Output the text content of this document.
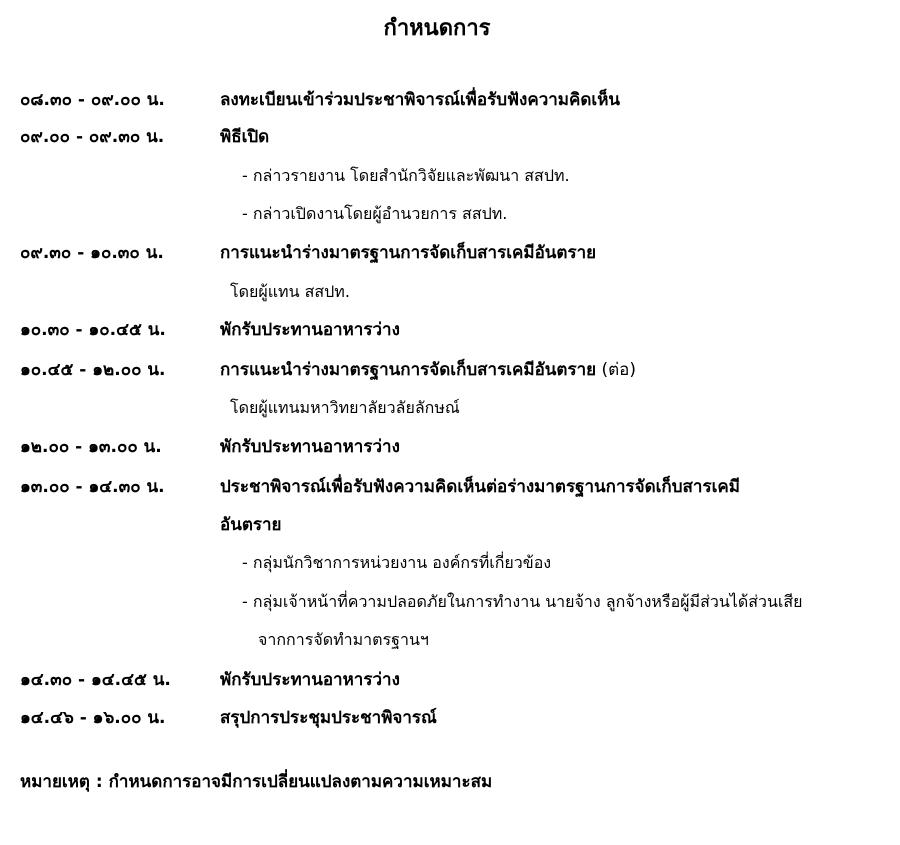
กำหนดการ
๐๘.๓๐ - ๐๙.๐๐ น.	ลงทะเบียนเข้าร่วมประชาพิจารณ์เพื่อรับฟังความคิดเห็น
๐๙.๐๐ - ๐๙.๓๐ น.	พิธีเปิด
- กล่าวรายงาน โดยสำนักวิจัยและพัฒนา สสปท.
- กล่าวเปิดงานโดยผู้อำนวยการ สสปท.
๐๙.๓๐ - ๑๐.๓๐ น.	การแนะนำร่างมาตรฐานการจัดเก็บสารเคมีอันตราย
โดยผู้แทน สสปท.
๑๐.๓๐ - ๑๐.๔๕ น.	พักรับประทานอาหารว่าง
๑๐.๔๕ - ๑๒.๐๐ น.	การแนะนำร่างมาตรฐานการจัดเก็บสารเคมีอันตราย (ต่อ)
โดยผู้แทนมหาวิทยาลัยวลัยลักษณ์
๑๒.๐๐ - ๑๓.๐๐ น.	พักรับประทานอาหารว่าง
๑๓.๐๐ - ๑๔.๓๐ น.	ประชาพิจารณ์เพื่อรับฟังความคิดเห็นต่อร่างมาตรฐานการจัดเก็บสารเคมี
อันตราย
- กลุ่มนักวิชาการหน่วยงาน องค์กรที่เกี่ยวข้อง
- กลุ่มเจ้าหน้าที่ความปลอดภัยในการทำงาน นายจ้าง ลูกจ้างหรือผู้มีส่วนได้ส่วนเสีย
จากการจัดทำมาตรฐานฯ
๑๔.๓๐ - ๑๔.๔๕ น.	พักรับประทานอาหารว่าง
๑๔.๔๖ - ๑๖.๐๐ น.	สรุปการประชุมประชาพิจารณ์
หมายเหตุ : กำหนดการอาจมีการเปลี่ยนแปลงตามความเหมาะสม
